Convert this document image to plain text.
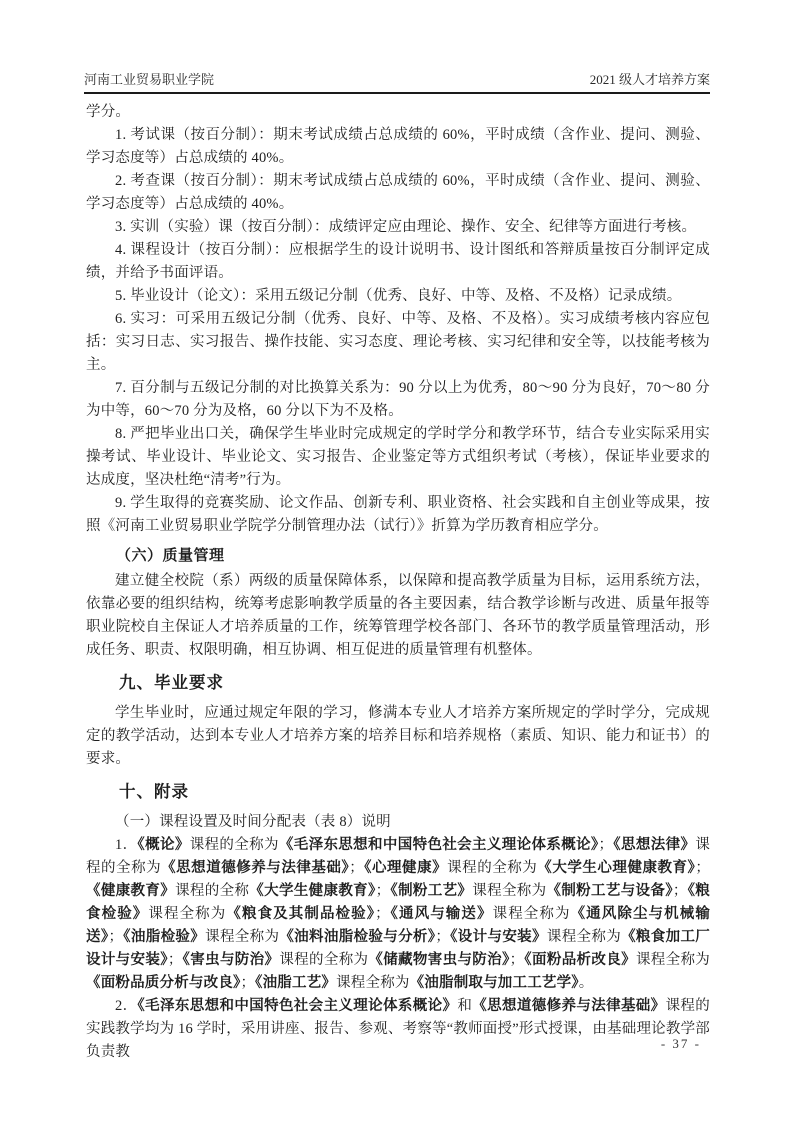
河南工业贸易职业学院	2021 级人才培养方案

学分。

1. 考试课（按百分制）：期末考试成绩占总成绩的 60%，平时成绩（含作业、提问、测验、学习态度等）占总成绩的 40%。

2. 考查课（按百分制）：期末考试成绩占总成绩的 60%，平时成绩（含作业、提问、测验、学习态度等）占总成绩的 40%。

3. 实训（实验）课（按百分制）：成绩评定应由理论、操作、安全、纪律等方面进行考核。

4. 课程设计（按百分制）：应根据学生的设计说明书、设计图纸和答辩质量按百分制评定成绩，并给予书面评语。

5. 毕业设计（论文）：采用五级记分制（优秀、良好、中等、及格、不及格）记录成绩。

6. 实习：可采用五级记分制（优秀、良好、中等、及格、不及格）。实习成绩考核内容应包括：实习日志、实习报告、操作技能、实习态度、理论考核、实习纪律和安全等，以技能考核为主。

7. 百分制与五级记分制的对比换算关系为：90 分以上为优秀，80～90 分为良好，70～80 分为中等，60～70 分为及格，60 分以下为不及格。

8. 严把毕业出口关，确保学生毕业时完成规定的学时学分和教学环节，结合专业实际采用实操考试、毕业设计、毕业论文、实习报告、企业鉴定等方式组织考试（考核），保证毕业要求的达成度，坚决杜绝“清考”行为。

9. 学生取得的竞赛奖励、论文作品、创新专利、职业资格、社会实践和自主创业等成果，按照《河南工业贸易职业学院学分制管理办法（试行）》折算为学历教育相应学分。

（六）质量管理

建立健全校院（系）两级的质量保障体系，以保障和提高教学质量为目标，运用系统方法，依靠必要的组织结构，统筹考虑影响教学质量的各主要因素，结合教学诊断与改进、质量年报等职业院校自主保证人才培养质量的工作，统筹管理学校各部门、各环节的教学质量管理活动，形成任务、职责、权限明确，相互协调、相互促进的质量管理有机整体。

九、毕业要求

学生毕业时，应通过规定年限的学习，修满本专业人才培养方案所规定的学时学分，完成规定的教学活动，达到本专业人才培养方案的培养目标和培养规格（素质、知识、能力和证书）的要求。

十、附录

（一）课程设置及时间分配表（表 8）说明

1．《概论》课程的全称为《毛泽东思想和中国特色社会主义理论体系概论》；《思想法律》课程的全称为《思想道德修养与法律基础》；《心理健康》课程的全称为《大学生心理健康教育》；《健康教育》课程的全称《大学生健康教育》；《制粉工艺》课程全称为《制粉工艺与设备》；《粮食检验》课程全称为《粮食及其制品检验》；《通风与输送》课程全称为《通风除尘与机械输送》；《油脂检验》课程全称为《油料油脂检验与分析》；《设计与安装》课程全称为《粮食加工厂设计与安装》；《害虫与防治》课程的全称为《储藏物害虫与防治》；《面粉品析改良》课程全称为《面粉品质分析与改良》；《油脂工艺》课程全称为《油脂制取与加工工艺学》。

2．《毛泽东思想和中国特色社会主义理论体系概论》和《思想道德修养与法律基础》课程的实践教学均为 16 学时，采用讲座、报告、参观、考察等“教师面授”形式授课，由基础理论教学部负责教

- 37 -
